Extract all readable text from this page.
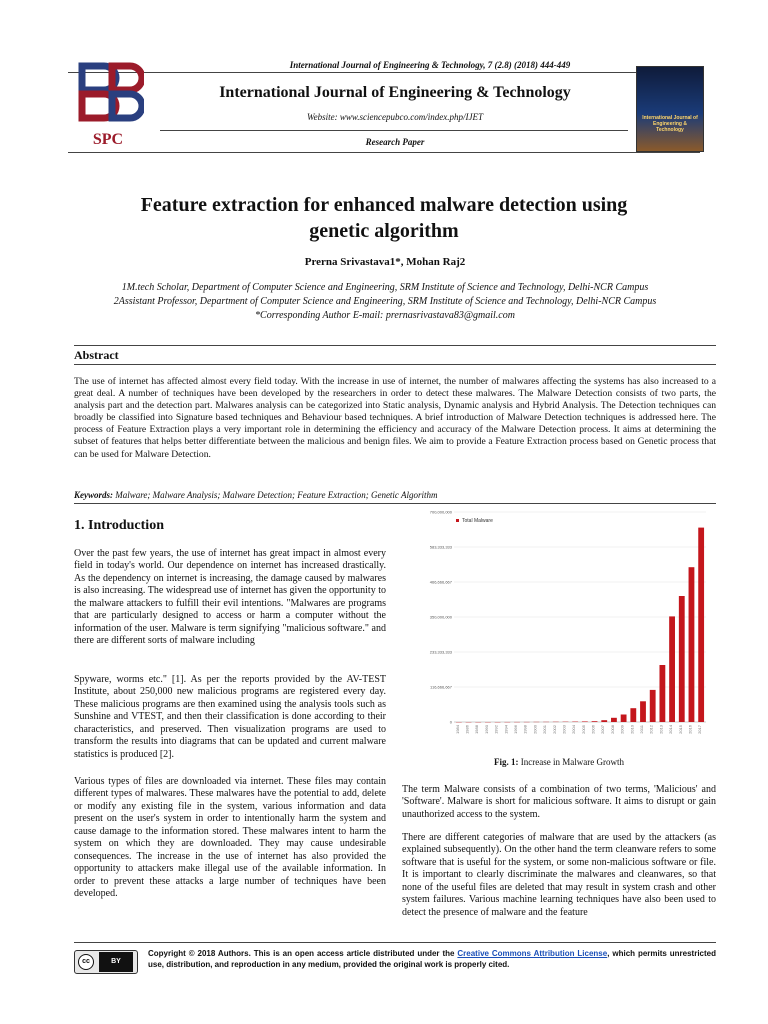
International Journal of Engineering & Technology, 7 (2.8) (2018) 444-449
SPC
International Journal of Engineering & Technology
Website: www.sciencepubco.com/index.php/IJET
Research Paper
International Journal of Engineering & Technology
Feature extraction for enhanced malware detection using
genetic algorithm
Prerna Srivastava1*, Mohan Raj2
1M.tech Scholar, Department of Computer Science and Engineering, SRM Institute of Science and Technology, Delhi-NCR Campus
2Assistant Professor, Department of Computer Science and Engineering, SRM Institute of Science and Technology, Delhi-NCR Campus
*Corresponding Author E-mail: prernasrivastava83@gmail.com
Abstract
The use of internet has affected almost every field today. With the increase in use of internet, the number of malwares affecting the systems has also increased to a great deal. A number of techniques have been developed by the researchers in order to detect these malwares. The Malware Detection consists of two parts, the analysis part and the detection part. Malwares analysis can be categorized into Static analysis, Dynamic analysis and Hybrid Analysis. The Detection techniques can broadly be classified into Signature based techniques and Behaviour based techniques. A brief introduction of Malware Detection techniques is addressed here. The process of Feature Extraction plays a very important role in determining the efficiency and accuracy of the Malware Detection process. It aims at determining the subset of features that helps better differentiate between the malicious and benign files. We aim to provide a Feature Extraction process based on Genetic process that can be used for Malware Detection.
Keywords: Malware; Malware Analysis; Malware Detection; Feature Extraction; Genetic Algorithm
1. Introduction
Over the past few years, the use of internet has great impact in almost every field in today's world. Our dependence on internet has increased drastically. As the dependency on internet is increasing, the damage caused by malwares is also increasing. The widespread use of internet has given the opportunity to the malware attackers to fulfill their evil intentions. "Malwares are programs that are particularly designed to access or harm a computer without the information of the user. Malware is term signifying "malicious software." and there are different sorts of malware including
Spyware, worms etc." [1]. As per the reports provided by the AV-TEST Institute, about 250,000 new malicious programs are registered every day. These malicious programs are then examined using the analysis tools such as Sunshine and VTEST, and then their classification is done according to their characteristics, and preserved. Then visualization programs are used to transform the results into diagrams that can be updated and current malware statistics is produced [2].
Various types of files are downloaded via internet. These files may contain different types of malwares. These malwares have the potential to add, delete or modify any existing file in the system, various information and data present on the user's system in order to intentionally harm the system and cause damage to the information stored. These malwares intent to harm the system on which they are downloaded. They may cause undesirable consequences. The increase in the use of internet has also provided the opportunity to attackers make illegal use of the available information. In order to prevent these attacks a large number of techniques have been developed.
700,000,000
583,333,333
466,666,667
350,000,000
233,333,333
116,666,667
0
1984 1986 1988 1990 1992 1994 1996 1998 2000 2001 2002 2003 2004 2005 2006 2007 2008 2009 2010 2011 2012 2013 2014 2015 2016 2017
Total Malware
Fig. 1: Increase in Malware Growth
The term Malware consists of a combination of two terms, 'Malicious' and 'Software'. Malware is short for malicious software. It aims to disrupt or gain unauthorized access to the system.
There are different categories of malware that are used by the attackers (as explained subsequently). On the other hand the term cleanware refers to some software that is useful for the system, or some non-malicious software or file. It is important to clearly discriminate the malwares and cleanwares, so that none of the useful files are deleted that may result in system crash and other system failures. Various machine learning techniques have also been used to detect the presence of malware and the feature
cc	BY
Copyright © 2018 Authors. This is an open access article distributed under the Creative Commons Attribution License, which permits unrestricted use, distribution, and reproduction in any medium, provided the original work is properly cited.
